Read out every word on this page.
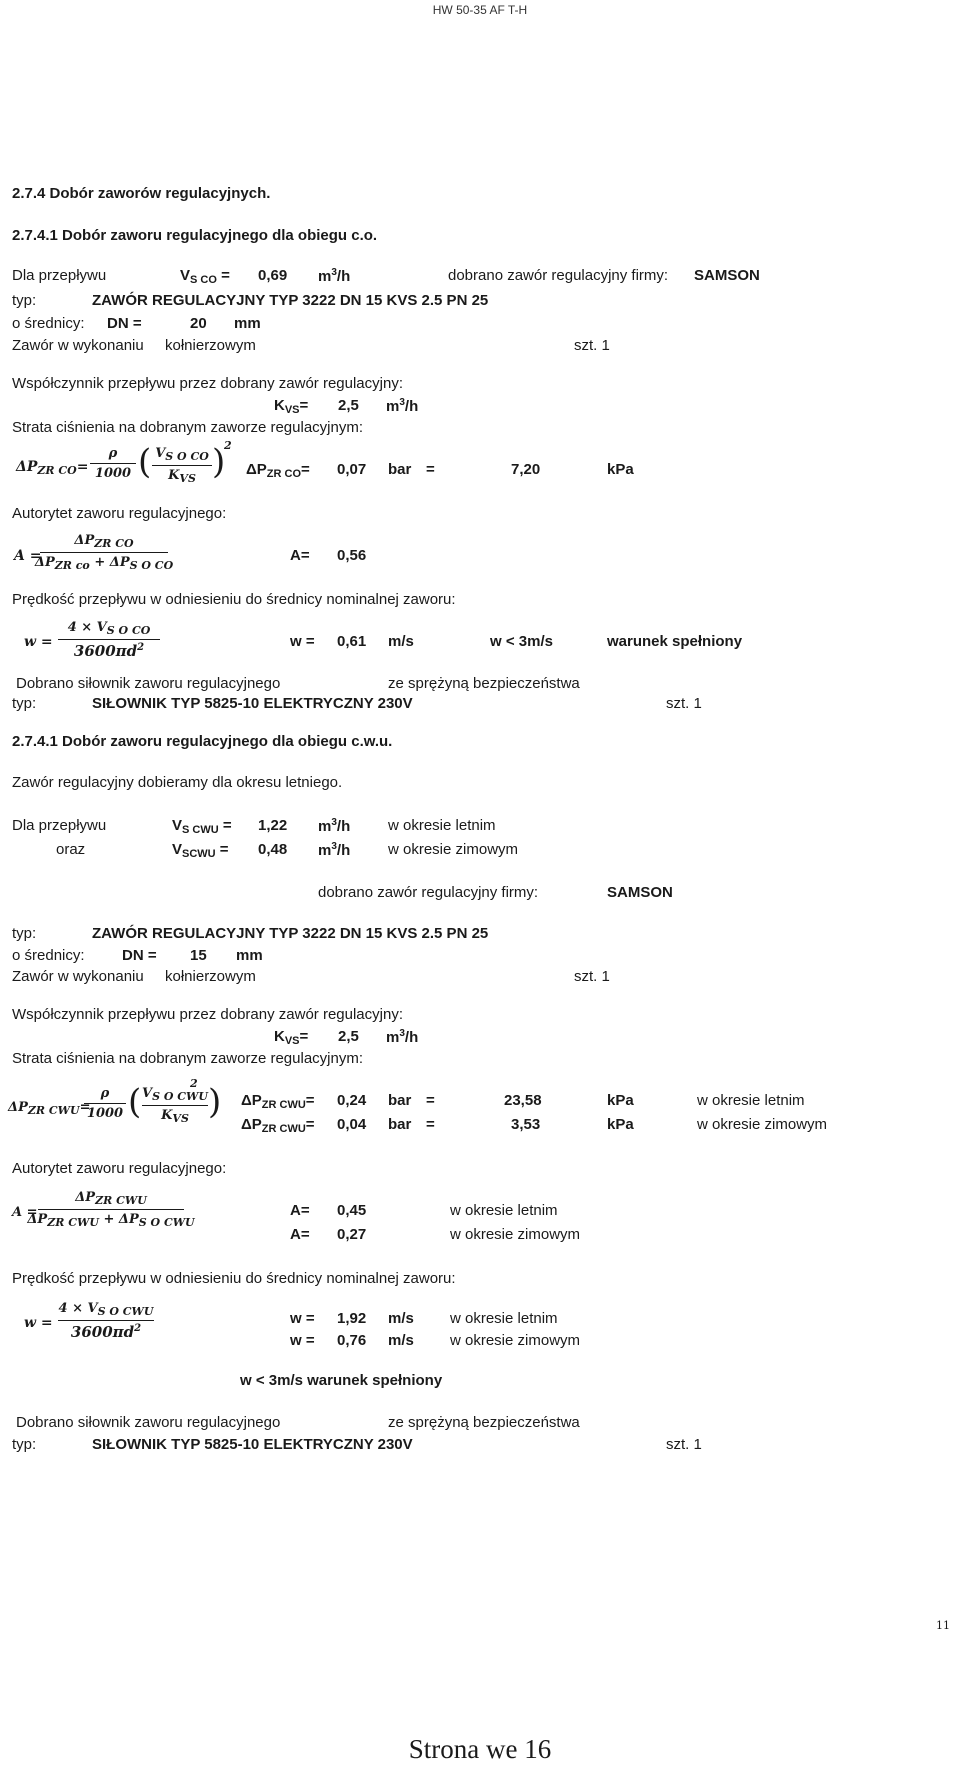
HW 50-35 AF T-H
2.7.4 Dobór zaworów regulacyjnych.
2.7.4.1 Dobór zaworu regulacyjnego dla obiegu c.o.
Dla przepływu	$V_{S CO} = 0,69$ $m^3/h$	dobrano zawór regulacyjny firmy: SAMSON
typ:	ZAWÓR REGULACYJNY TYP 3222 DN 15 KVS 2.5 PN 25
o średnicy: DN =	20 mm
Zawór w wykonaniu kołnierzowym	szt. 1
Współczynnik przepływu przez dobrany zawór regulacyjny:
$K_{VS}= 2,5$ $m^3/h$
Strata ciśnienia na dobranym zaworze regulacyjnym:
$\Delta P_{ZR CO}=$
ρ
1000 ( $V_{S O CO}$
$K_{VS}$ )
2
$\Delta P_{ZR CO}= 0,07$ bar =	7,20	kPa
Autorytet zaworu regulacyjnego:
A =
$\Delta P_{ZR CO}$
$\Delta P_{ZR co} + \Delta P_{S O CO}$
A= 0,56
Prędkość przepływu w odniesieniu do średnicy nominalnej zaworu:
w =
$4 \times V_{S O CO}$
$3600\pi d^2$	w = 0,61 m/s	w < 3m/s	warunek spełniony
Dobrano siłownik zaworu regulacyjnego	ze sprężyną bezpieczeństwa
typ:	SIŁOWNIK TYP 5825-10 ELEKTRYCZNY 230V	szt. 1
2.7.4.1 Dobór zaworu regulacyjnego dla obiegu c.w.u.
Zawór regulacyjny dobieramy dla okresu letniego.
Dla przepływu	$V_{S CWU} = 1,22$ $m^3/h$	w okresie letnim
oraz	$V_{SCWU} = 0,48$ $m^3/h$	w okresie zimowym
dobrano zawór regulacyjny firmy:	SAMSON
typ:	ZAWÓR REGULACYJNY TYP 3222 DN 15 KVS 2.5 PN 25
o średnicy: DN = 15 mm
Zawór w wykonaniu kołnierzowym	szt. 1
Współczynnik przepływu przez dobrany zawór regulacyjny:
$K_{VS}= 2,5$ $m^3/h$
Strata ciśnienia na dobranym zaworze regulacyjnym:
$\Delta P_{ZR CWU}=$
ρ
1000 ( $V_{S O CWU}$
$K_{VS}$ )
2
$\Delta P_{ZR CWU}= 0,24$ bar =	23,58	kPa	w okresie letnim
$\Delta P_{ZR CWU}= 0,04$ bar =	3,53	kPa	w okresie zimowym
Autorytet zaworu regulacyjnego:
A =
$\Delta P_{ZR CWU}$
$\Delta P_{ZR CWU} + \Delta P_{S O CWU}$
A= 0,45	w okresie letnim
A= 0,27	w okresie zimowym
Prędkość przepływu w odniesieniu do średnicy nominalnej zaworu:
w =
$4 \times V_{S O CWU}$
$3600\pi d^2$
w = 1,92 m/s w okresie letnim
w = 0,76 m/s w okresie zimowym
w < 3m/s warunek spełniony
Dobrano siłownik zaworu regulacyjnego	ze sprężyną bezpieczeństwa
typ:	SIŁOWNIK TYP 5825-10 ELEKTRYCZNY 230V	szt. 1
11
Strona we 16
